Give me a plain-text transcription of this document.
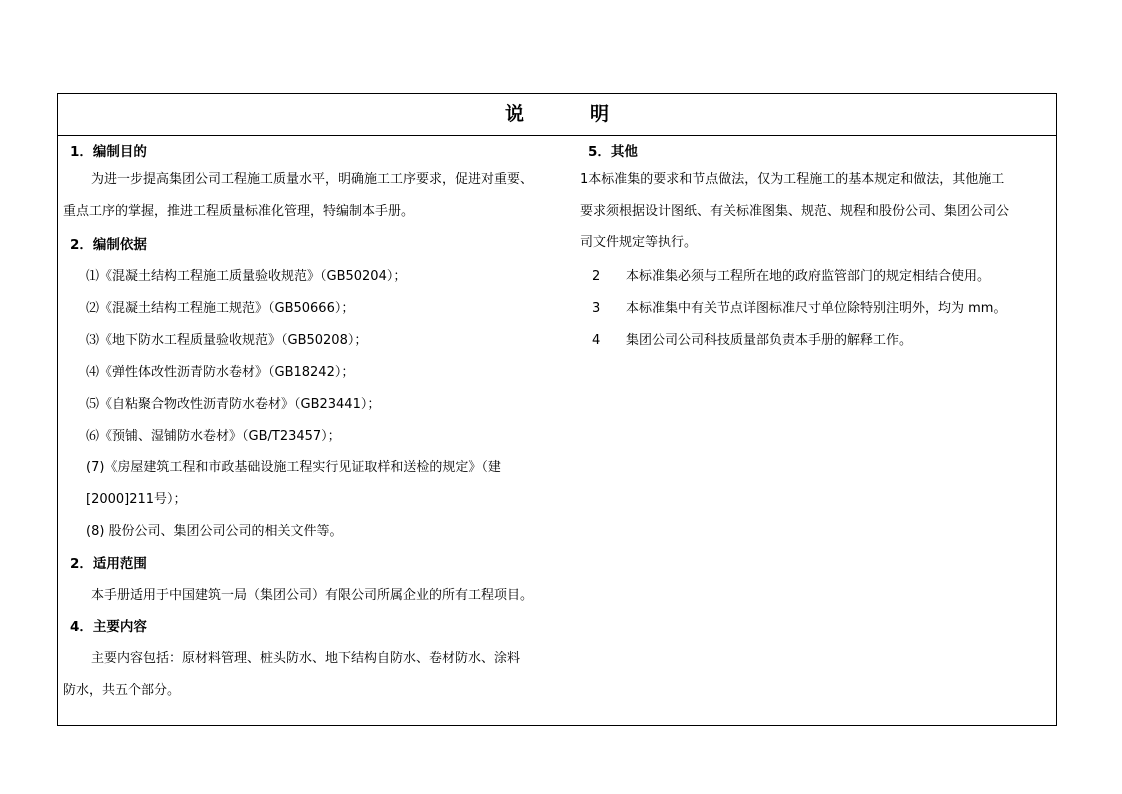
说	明
1．编制目的
为进一步提高集团公司工程施工质量水平，明确施工工序要求，促进对重要、
重点工序的掌握，推进工程质量标准化管理，特编制本手册。
2．编制依据
⑴《混凝土结构工程施工质量验收规范》（GB50204）；
⑵《混凝土结构工程施工规范》（GB50666）；
⑶《地下防水工程质量验收规范》（GB50208）；
⑷《弹性体改性沥青防水卷材》（GB18242）；
⑸《自粘聚合物改性沥青防水卷材》（GB23441）；
⑹《预铺、湿铺防水卷材》（GB/T23457）；
(7)《房屋建筑工程和市政基础设施工程实行见证取样和送检的规定》（建
[2000]211号）；
(8) 股份公司、集团公司公司的相关文件等。
2．适用范围
本手册适用于中国建筑一局（集团公司）有限公司所属企业的所有工程项目。
4．主要内容
主要内容包括：原材料管理、桩头防水、地下结构自防水、卷材防水、涂料
防水，共五个部分。
5．其他
1本标准集的要求和节点做法，仅为工程施工的基本规定和做法，其他施工
要求须根据设计图纸、有关标准图集、规范、规程和股份公司、集团公司公
司文件规定等执行。
2 本标准集必须与工程所在地的政府监管部门的规定相结合使用。
3 本标准集中有关节点详图标准尺寸单位除特别注明外，均为 mm。
4 集团公司公司科技质量部负责本手册的解释工作。
